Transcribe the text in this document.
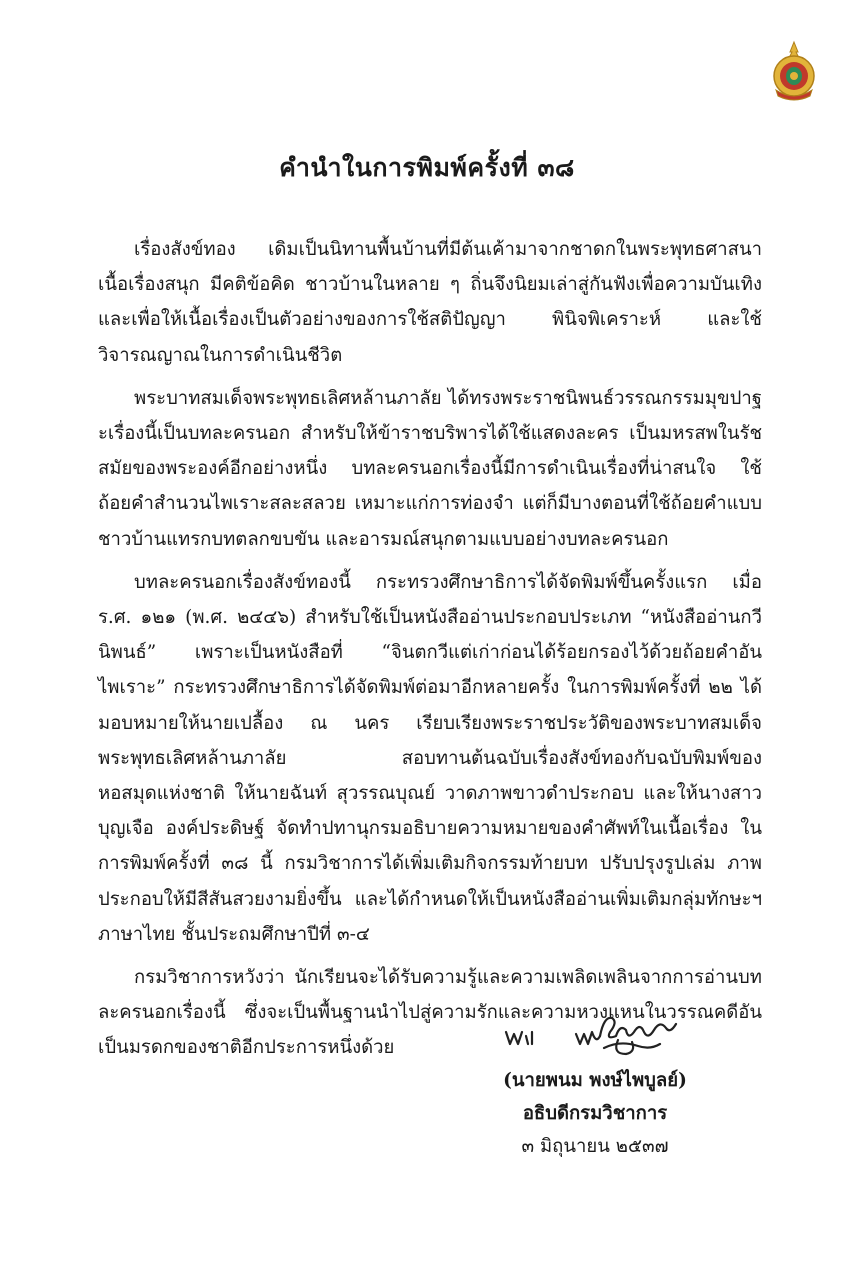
คำนำในการพิมพ์ครั้งที่ ๓๘

เรื่องสังข์ทอง เดิมเป็นนิทานพื้นบ้านที่มีต้นเค้ามาจากชาดกในพระพุทธศาสนา เนื้อเรื่องสนุก มีคติข้อคิด ชาวบ้านในหลาย ๆ ถิ่นจึงนิยมเล่าสู่กันฟังเพื่อความบันเทิง และเพื่อให้เนื้อเรื่องเป็นตัวอย่างของการใช้สติปัญญา พินิจพิเคราะห์ และใช้วิจารณญาณในการดำเนินชีวิต

พระบาทสมเด็จพระพุทธเลิศหล้านภาลัย ได้ทรงพระราชนิพนธ์วรรณกรรมมุขปาฐะเรื่องนี้เป็นบทละครนอก สำหรับให้ข้าราชบริพารได้ใช้แสดงละคร เป็นมหรสพในรัชสมัยของพระองค์อีกอย่างหนึ่ง บทละครนอกเรื่องนี้มีการดำเนินเรื่องที่น่าสนใจ ใช้ถ้อยคำสำนวนไพเราะสละสลวย เหมาะแก่การท่องจำ แต่ก็มีบางตอนที่ใช้ถ้อยคำแบบชาวบ้านแทรกบทตลกขบขัน และอารมณ์สนุกตามแบบอย่างบทละครนอก

บทละครนอกเรื่องสังข์ทองนี้ กระทรวงศึกษาธิการได้จัดพิมพ์ขึ้นครั้งแรก เมื่อ ร.ศ. ๑๒๑ (พ.ศ. ๒๔๔๖) สำหรับใช้เป็นหนังสืออ่านประกอบประเภท “หนังสืออ่านกวีนิพนธ์” เพราะเป็นหนังสือที่ “จินตกวีแต่เก่าก่อนได้ร้อยกรองไว้ด้วยถ้อยคำอันไพเราะ” กระทรวงศึกษาธิการได้จัดพิมพ์ต่อมาอีกหลายครั้ง ในการพิมพ์ครั้งที่ ๒๒ ได้มอบหมายให้นายเปลื้อง ณ นคร เรียบเรียงพระราชประวัติของพระบาทสมเด็จพระพุทธเลิศหล้านภาลัย สอบทานต้นฉบับเรื่องสังข์ทองกับฉบับพิมพ์ของหอสมุดแห่งชาติ ให้นายฉันท์ สุวรรณบุณย์ วาดภาพขาวดำประกอบ และให้นางสาวบุญเจือ องค์ประดิษฐ์ จัดทำปทานุกรมอธิบายความหมายของคำศัพท์ในเนื้อเรื่อง ในการพิมพ์ครั้งที่ ๓๘ นี้ กรมวิชาการได้เพิ่มเติมกิจกรรมท้ายบท ปรับปรุงรูปเล่ม ภาพประกอบให้มีสีสันสวยงามยิ่งขึ้น และได้กำหนดให้เป็นหนังสืออ่านเพิ่มเติมกลุ่มทักษะฯ ภาษาไทย ชั้นประถมศึกษาปีที่ ๓-๔

กรมวิชาการหวังว่า นักเรียนจะได้รับความรู้และความเพลิดเพลินจากการอ่านบทละครนอกเรื่องนี้ ซึ่งจะเป็นพื้นฐานนำไปสู่ความรักและความหวงแหนในวรรณคดีอันเป็นมรดกของชาติอีกประการหนึ่งด้วย

(นายพนม พงษ์ไพบูลย์)
อธิบดีกรมวิชาการ
๓ มิถุนายน ๒๕๓๗
